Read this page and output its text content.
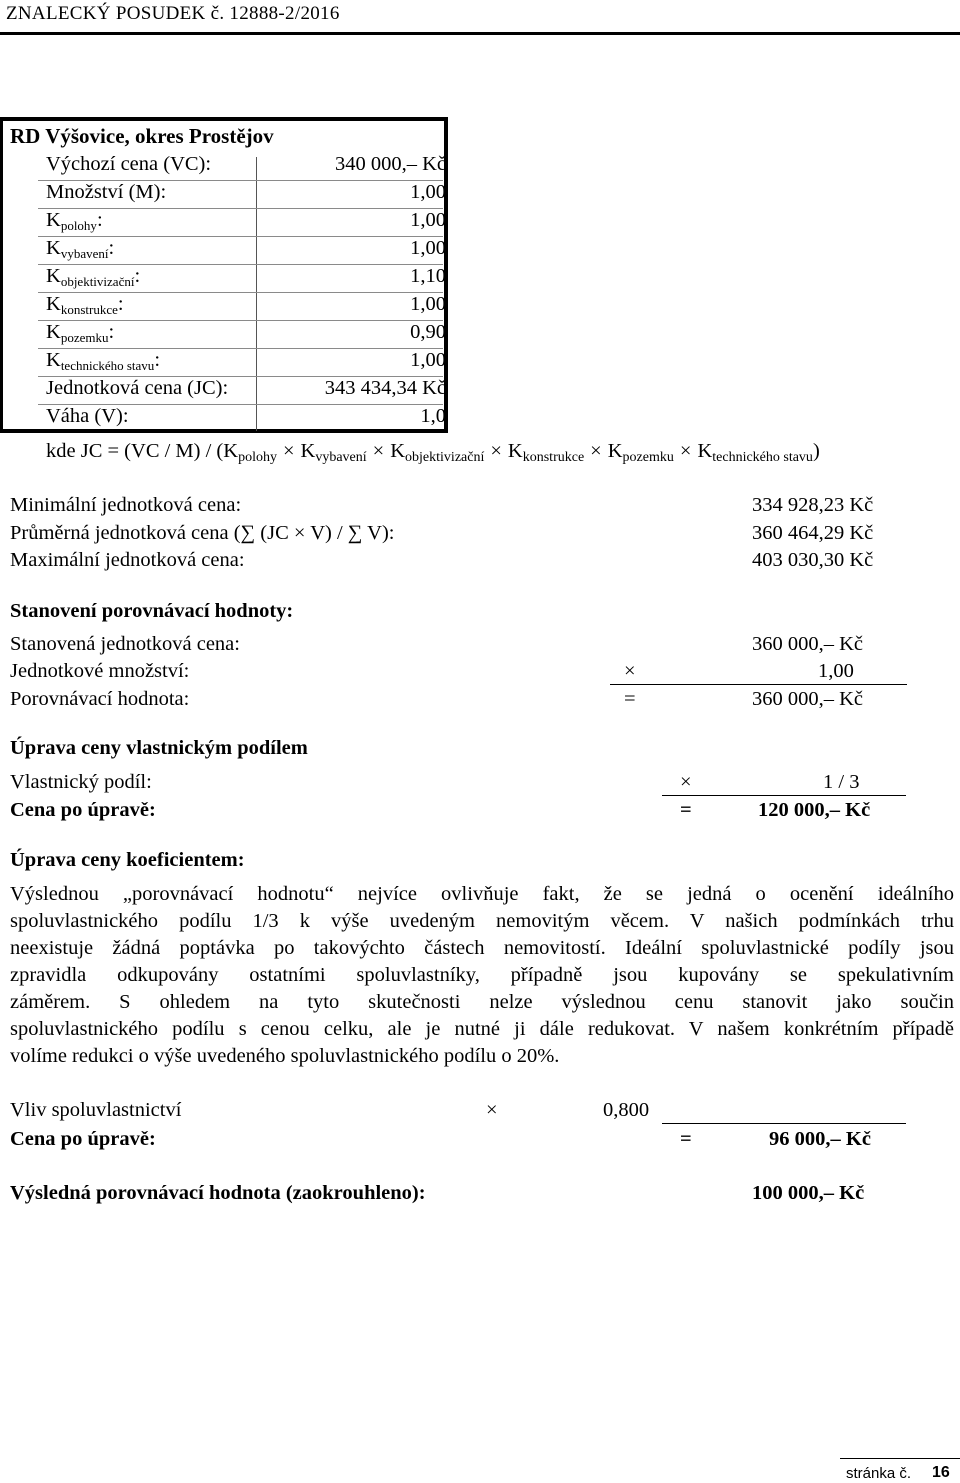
ZNALECKÝ POSUDEK č. 12888-2/2016
RD Výšovice, okres Prostějov
Výchozí cena (VC):	340 000,– Kč
Množství (M):	1,00
$K_{polohy}$:	1,00
$K_{vybavení}$:	1,00
$K_{objektivizační}$:	1,10
$K_{konstrukce}$:	1,00
$K_{pozemku}$:	0,90
$K_{technického stavu}$:	1,00
Jednotková cena (JC):	343 434,34 Kč
Váha (V):	1,0
kde JC = $(VC / M) / (K_{polohy} \times K_{vybavení} \times K_{objektivizační} \times K_{konstrukce} \times K_{pozemku} \times K_{technického stavu})$
Minimální jednotková cena:	334 928,23 Kč
Průměrná jednotková cena (∑ (JC × V) / ∑ V):	360 464,29 Kč
Maximální jednotková cena:	403 030,30 Kč
Stanovení porovnávací hodnoty:
Stanovená jednotková cena:	360 000,– Kč
Jednotkové množství:	×	1,00
Porovnávací hodnota:	=	360 000,– Kč
Úprava ceny vlastnickým podílem
Vlastnický podíl:	×	1 / 3
Cena po úpravě:	=	120 000,– Kč
Úprava ceny koeficientem:
Výslednou „porovnávací hodnotu“ nejvíce ovlivňuje fakt, že se jedná o ocenění ideálního
spoluvlastnického podílu 1/3 k výše uvedeným nemovitým věcem. V našich podmínkách trhu
neexistuje žádná poptávka po takovýchto částech nemovitostí. Ideální spoluvlastnické podíly jsou
zpravidla odkupovány ostatními spoluvlastníky, případně jsou kupovány se spekulativním
záměrem. S ohledem na tyto skutečnosti nelze výslednou cenu stanovit jako součin
spoluvlastnického podílu s cenou celku, ale je nutné ji dále redukovat. V našem konkrétním případě
volíme redukci o výše uvedeného spoluvlastnického podílu o 20%.
Vliv spoluvlastnictví	×	0,800
Cena po úpravě:	=	96 000,– Kč
Výsledná porovnávací hodnota (zaokrouhleno):	100 000,– Kč
stránka č. 16
